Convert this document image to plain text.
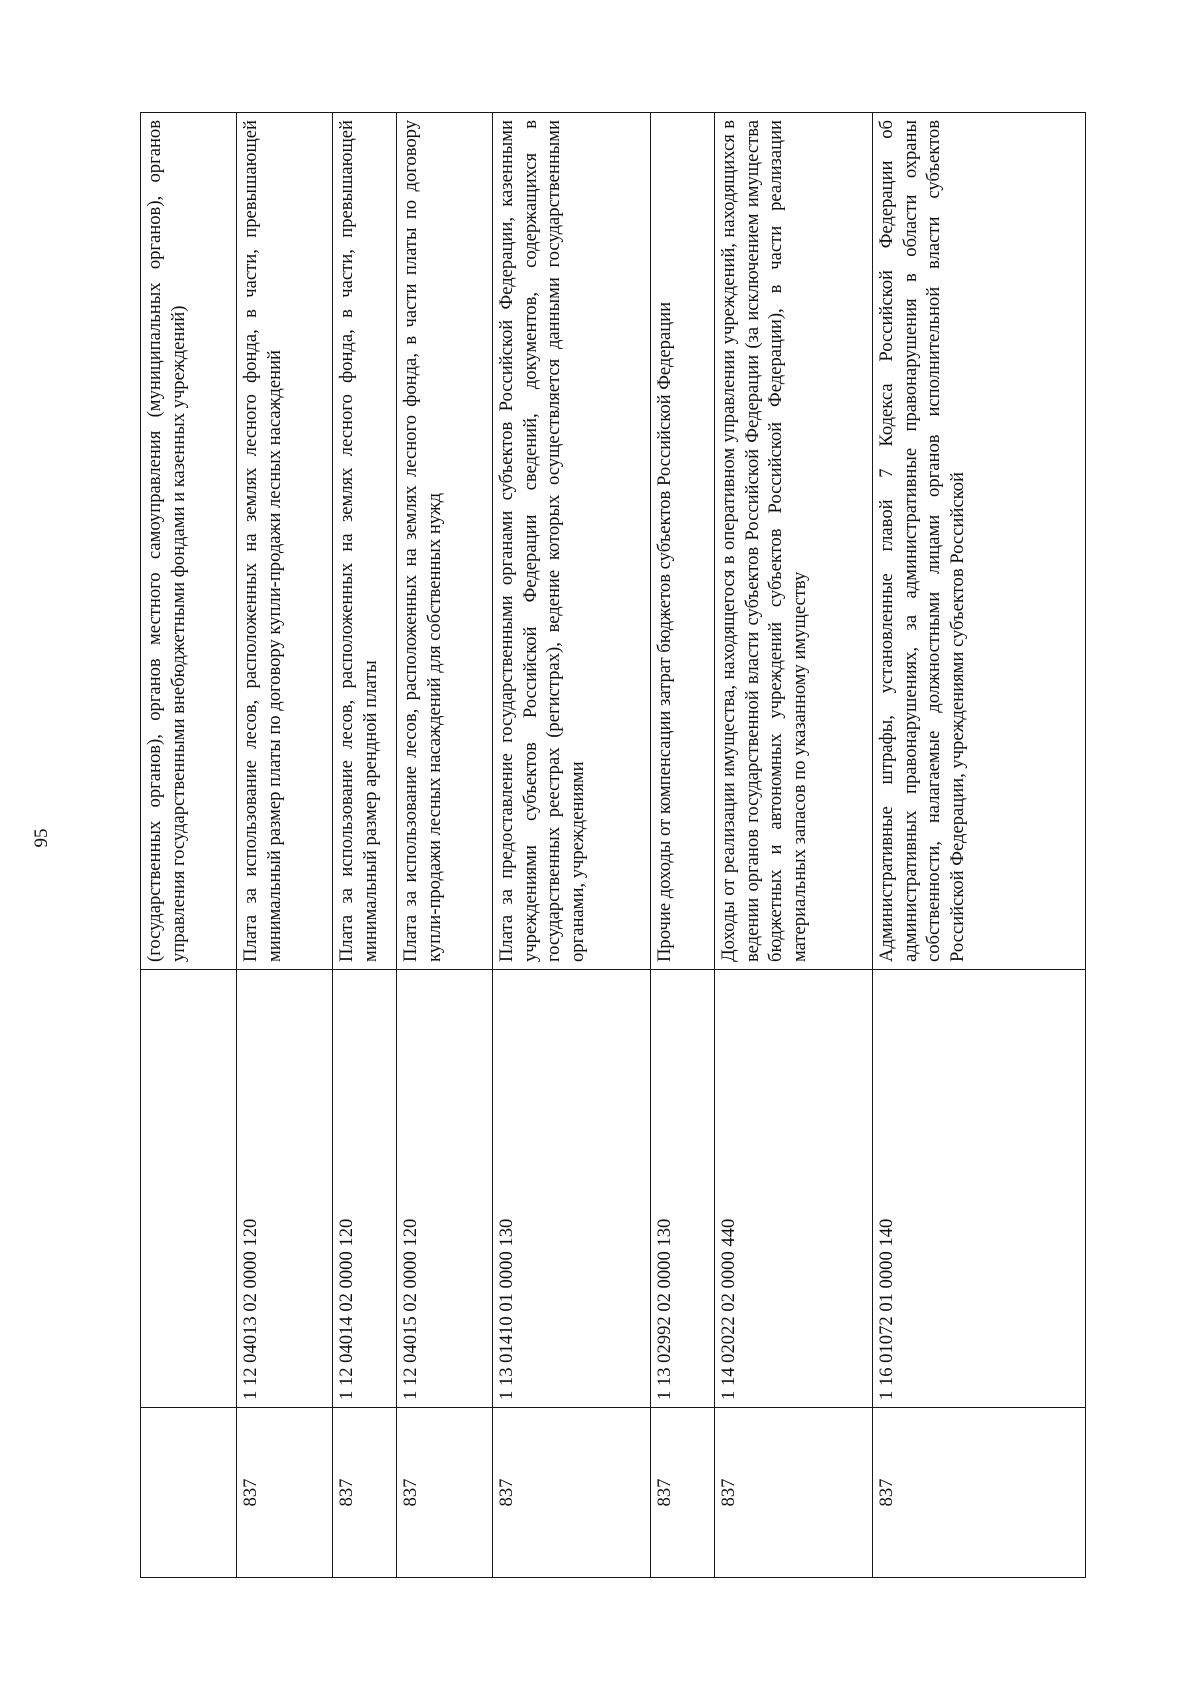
95
			(государственных органов), органов местного самоуправления (муниципальных органов), органов управления государственными внебюджетными фондами и казенных учреждений)
837	1 12 04013 02 0000 120	Плата за использование лесов, расположенных на землях лесного фонда, в части, превышающей минимальный размер платы по договору купли-продажи лесных насаждений
837	1 12 04014 02 0000 120	Плата за использование лесов, расположенных на землях лесного фонда, в части, превышающей минимальный размер арендной платы
837	1 12 04015 02 0000 120	Плата за использование лесов, расположенных на землях лесного фонда, в части платы по договору купли-продажи лесных насаждений для собственных нужд
837	1 13 01410 01 0000 130	Плата за предоставление государственными органами субъектов Российской Федерации, казенными учреждениями субъектов Российской Федерации сведений, документов, содержащихся в государственных реестрах (регистрах), ведение которых осуществляется данными государственными органами, учреждениями
837	1 13 02992 02 0000 130	Прочие доходы от компенсации затрат бюджетов субъектов Российской Федерации
837	1 14 02022 02 0000 440	Доходы от реализации имущества, находящегося в оперативном управлении учреждений, находящихся в ведении органов государственной власти субъектов Российской Федерации (за исключением имущества бюджетных и автономных учреждений субъектов Российской Федерации), в части реализации материальных запасов по указанному имуществу
837	1 16 01072 01 0000 140	Административные штрафы, установленные главой 7 Кодекса Российской Федерации об административных правонарушениях, за административные правонарушения в области охраны собственности, налагаемые должностными лицами органов исполнительной власти субъектов Российской Федерации, учреждениями субъектов Российской
